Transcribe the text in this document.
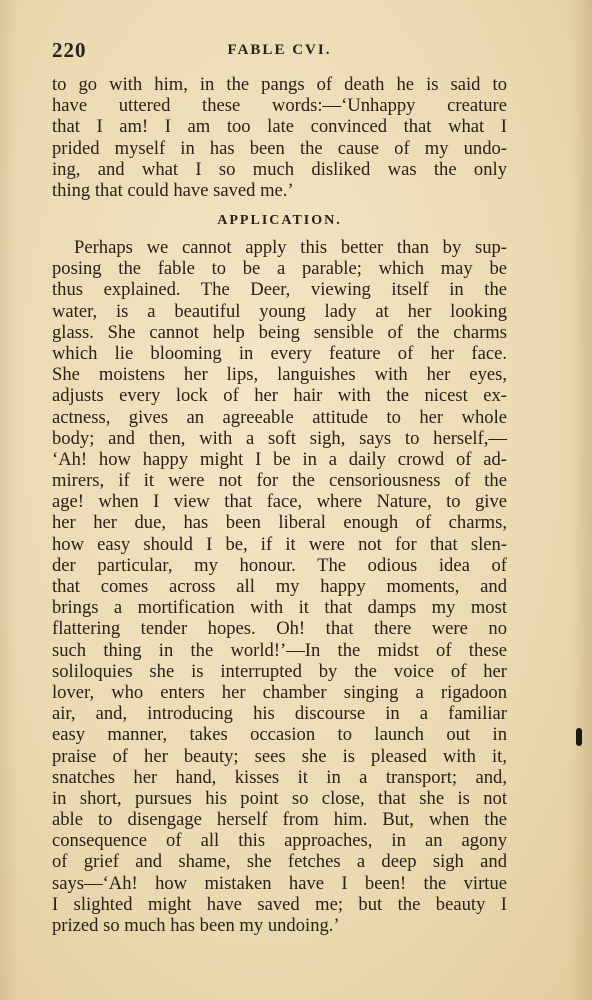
220	FABLE CVI.
to go with him, in the pangs of death he is said to
have uttered these words:—‘Unhappy creature
that I am! I am too late convinced that what I
prided myself in has been the cause of my undo-
ing, and what I so much disliked was the only
thing that could have saved me.’
APPLICATION.
Perhaps we cannot apply this better than by sup-
posing the fable to be a parable; which may be
thus explained. The Deer, viewing itself in the
water, is a beautiful young lady at her looking
glass. She cannot help being sensible of the charms
which lie blooming in every feature of her face.
She moistens her lips, languishes with her eyes,
adjusts every lock of her hair with the nicest ex-
actness, gives an agreeable attitude to her whole
body; and then, with a soft sigh, says to herself,—
‘Ah! how happy might I be in a daily crowd of ad-
mirers, if it were not for the censoriousness of the
age! when I view that face, where Nature, to give
her her due, has been liberal enough of charms,
how easy should I be, if it were not for that slen-
der particular, my honour. The odious idea of
that comes across all my happy moments, and
brings a mortification with it that damps my most
flattering tender hopes. Oh! that there were no
such thing in the world!’—In the midst of these
soliloquies she is interrupted by the voice of her
lover, who enters her chamber singing a rigadoon
air, and, introducing his discourse in a familiar
easy manner, takes occasion to launch out in
praise of her beauty; sees she is pleased with it,
snatches her hand, kisses it in a transport; and,
in short, pursues his point so close, that she is not
able to disengage herself from him. But, when the
consequence of all this approaches, in an agony
of grief and shame, she fetches a deep sigh and
says—‘Ah! how mistaken have I been! the virtue
I slighted might have saved me; but the beauty I
prized so much has been my undoing.’
